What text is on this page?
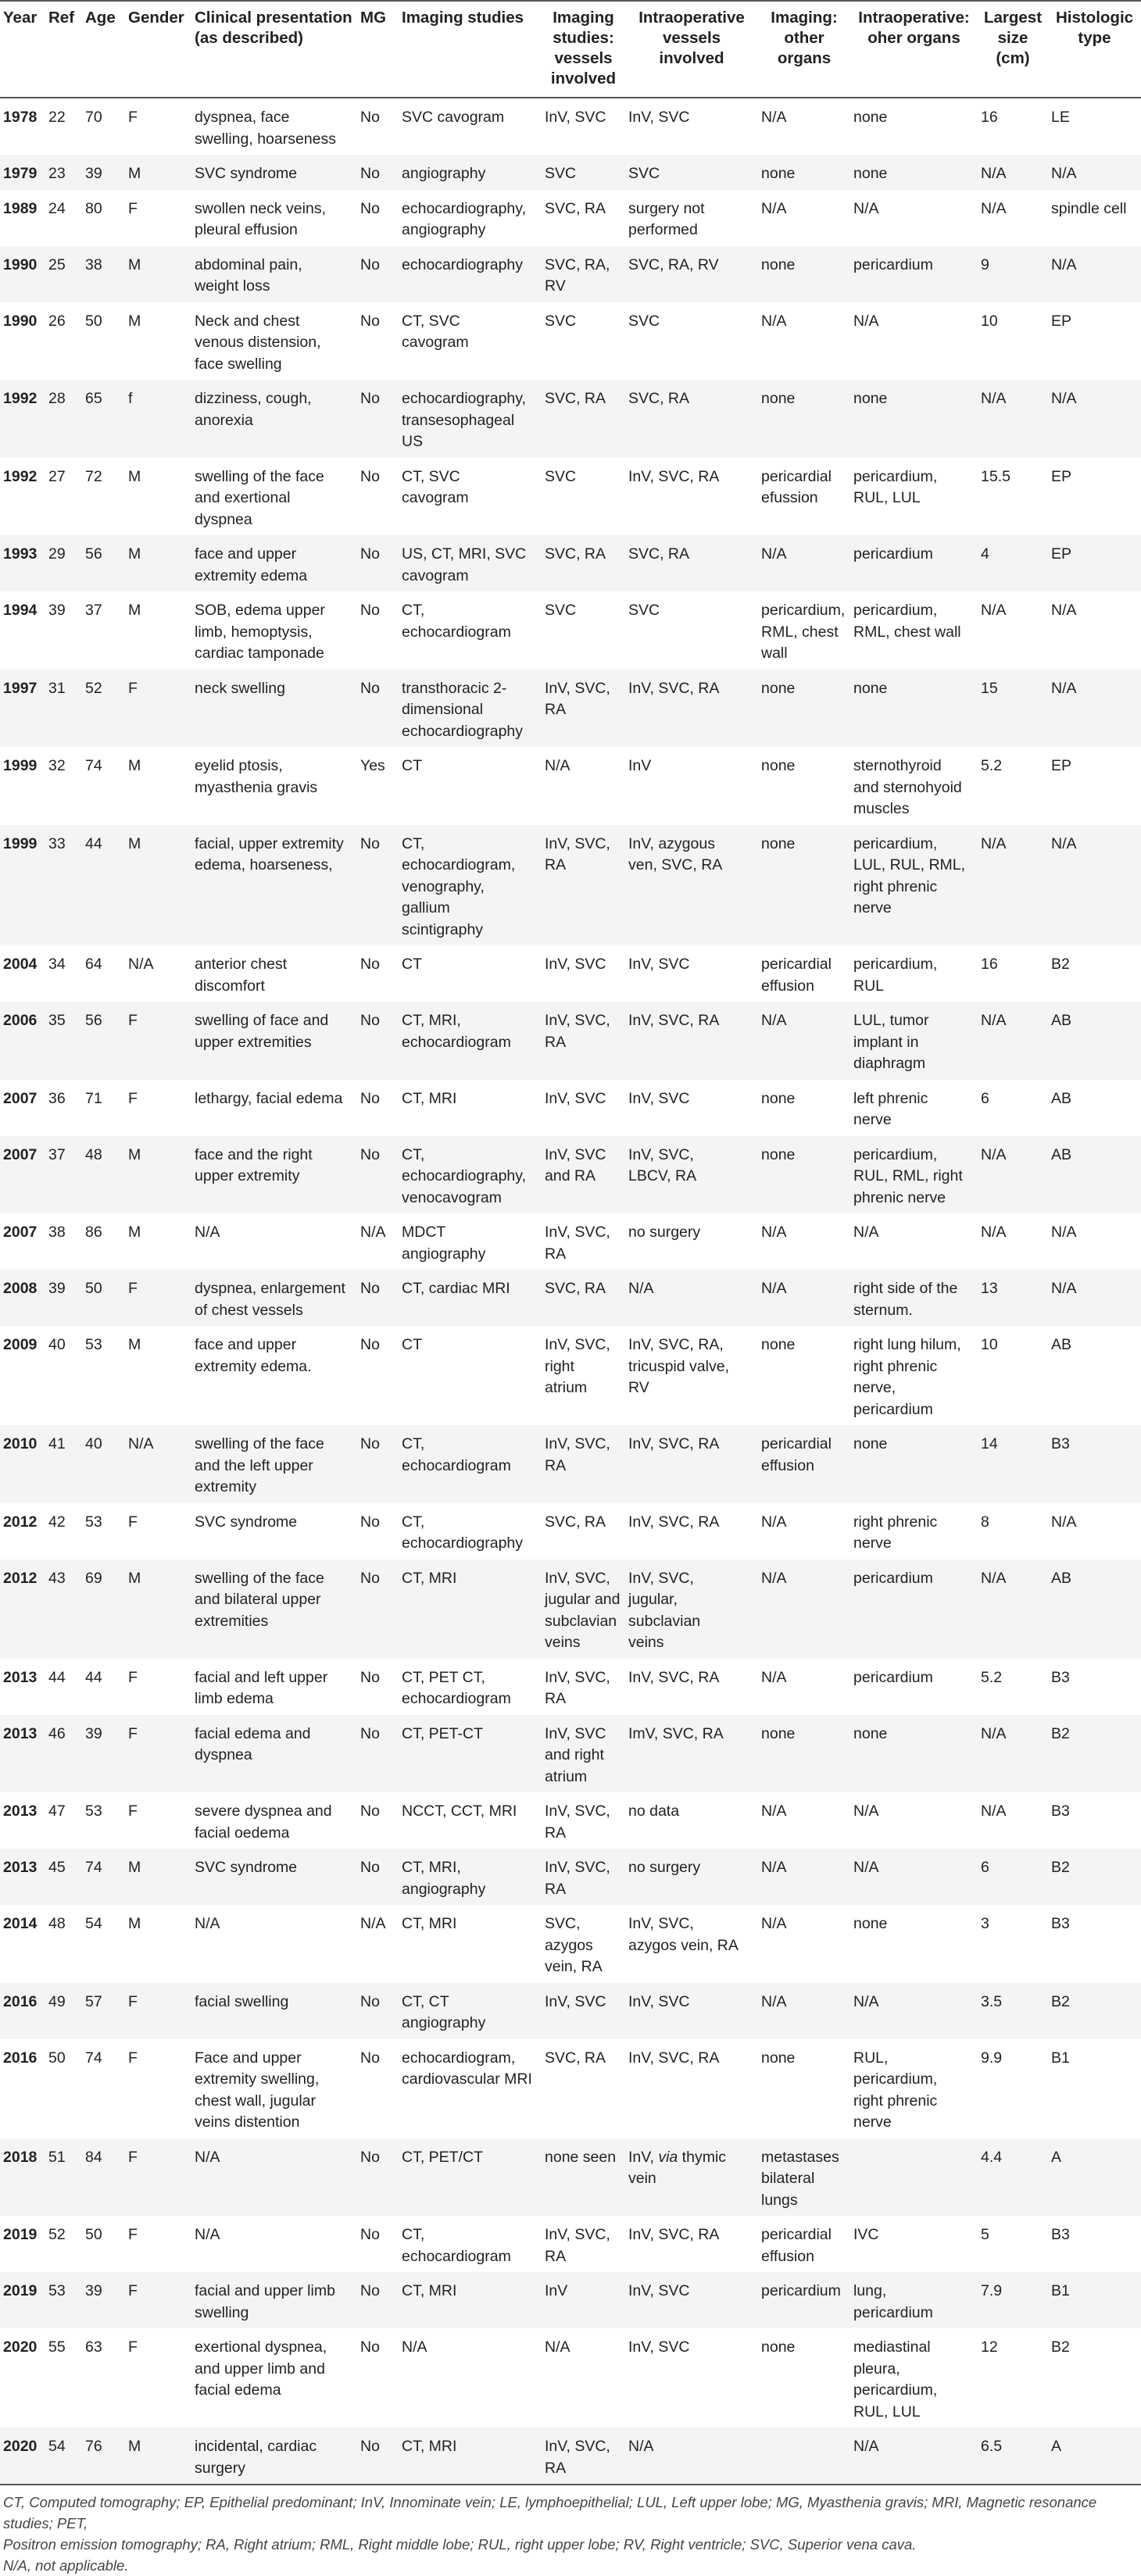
Year	Ref	Age	Gender	Clinical presentation
(as described)	MG	Imaging studies	Imaging
studies:
vessels
involved	Intraoperative
vessels
involved	Imaging:
other
organs	Intraoperative:
oher organs	Largest
size
(cm)	Histologic
type
1978	22	70	F	dyspnea, face
swelling, hoarseness	No	SVC cavogram	InV, SVC	InV, SVC	N/A	none	16	LE
1979	23	39	M	SVC syndrome	No	angiography	SVC	SVC	none	none	N/A	N/A
1989	24	80	F	swollen neck veins,
pleural effusion	No	echocardiography,
angiography	SVC, RA	surgery not
performed	N/A	N/A	N/A	spindle cell
1990	25	38	M	abdominal pain,
weight loss	No	echocardiography	SVC, RA,
RV	SVC, RA, RV	none	pericardium	9	N/A
1990	26	50	M	Neck and chest
venous distension,
face swelling	No	CT, SVC
cavogram	SVC	SVC	N/A	N/A	10	EP
1992	28	65	f	dizziness, cough,
anorexia	No	echocardiography,
transesophageal
US	SVC, RA	SVC, RA	none	none	N/A	N/A
1992	27	72	M	swelling of the face
and exertional
dyspnea	No	CT, SVC
cavogram	SVC	InV, SVC, RA	pericardial
efussion	pericardium,
RUL, LUL	15.5	EP
1993	29	56	M	face and upper
extremity edema	No	US, CT, MRI, SVC
cavogram	SVC, RA	SVC, RA	N/A	pericardium	4	EP
1994	39	37	M	SOB, edema upper
limb, hemoptysis,
cardiac tamponade	No	CT,
echocardiogram	SVC	SVC	pericardium,
RML, chest
wall	pericardium,
RML, chest wall	N/A	N/A
1997	31	52	F	neck swelling	No	transthoracic 2-
dimensional
echocardiography	InV, SVC,
RA	InV, SVC, RA	none	none	15	N/A
1999	32	74	M	eyelid ptosis,
myasthenia gravis	Yes	CT	N/A	InV	none	sternothyroid
and sternohyoid
muscles	5.2	EP
1999	33	44	M	facial, upper extremity
edema, hoarseness,	No	CT,
echocardiogram,
venography,
gallium
scintigraphy	InV, SVC,
RA	InV, azygous
ven, SVC, RA	none	pericardium,
LUL, RUL, RML,
right phrenic
nerve	N/A	N/A
2004	34	64	N/A	anterior chest
discomfort	No	CT	InV, SVC	InV, SVC	pericardial
effusion	pericardium,
RUL	16	B2
2006	35	56	F	swelling of face and
upper extremities	No	CT, MRI,
echocardiogram	InV, SVC,
RA	InV, SVC, RA	N/A	LUL, tumor
implant in
diaphragm	N/A	AB
2007	36	71	F	lethargy, facial edema	No	CT, MRI	InV, SVC	InV, SVC	none	left phrenic
nerve	6	AB
2007	37	48	M	face and the right
upper extremity	No	CT,
echocardiography,
venocavogram	InV, SVC
and RA	InV, SVC,
LBCV, RA	none	pericardium,
RUL, RML, right
phrenic nerve	N/A	AB
2007	38	86	M	N/A	N/A	MDCT
angiography	InV, SVC,
RA	no surgery	N/A	N/A	N/A	N/A
2008	39	50	F	dyspnea, enlargement
of chest vessels	No	CT, cardiac MRI	SVC, RA	N/A	N/A	right side of the
sternum.	13	N/A
2009	40	53	M	face and upper
extremity edema.	No	CT	InV, SVC,
right
atrium	InV, SVC, RA,
tricuspid valve,
RV	none	right lung hilum,
right phrenic
nerve,
pericardium	10	AB
2010	41	40	N/A	swelling of the face
and the left upper
extremity	No	CT,
echocardiogram	InV, SVC,
RA	InV, SVC, RA	pericardial
effusion	none	14	B3
2012	42	53	F	SVC syndrome	No	CT,
echocardiography	SVC, RA	InV, SVC, RA	N/A	right phrenic
nerve	8	N/A
2012	43	69	M	swelling of the face
and bilateral upper
extremities	No	CT, MRI	InV, SVC,
jugular and
subclavian
veins	InV, SVC,
jugular,
subclavian
veins	N/A	pericardium	N/A	AB
2013	44	44	F	facial and left upper
limb edema	No	CT, PET CT,
echocardiogram	InV, SVC,
RA	InV, SVC, RA	N/A	pericardium	5.2	B3
2013	46	39	F	facial edema and
dyspnea	No	CT, PET-CT	InV, SVC
and right
atrium	ImV, SVC, RA	none	none	N/A	B2
2013	47	53	F	severe dyspnea and
facial oedema	No	NCCT, CCT, MRI	InV, SVC,
RA	no data	N/A	N/A	N/A	B3
2013	45	74	M	SVC syndrome	No	CT, MRI,
angiography	InV, SVC,
RA	no surgery	N/A	N/A	6	B2
2014	48	54	M	N/A	N/A	CT, MRI	SVC,
azygos
vein, RA	InV, SVC,
azygos vein, RA	N/A	none	3	B3
2016	49	57	F	facial swelling	No	CT, CT
angiography	InV, SVC	InV, SVC	N/A	N/A	3.5	B2
2016	50	74	F	Face and upper
extremity swelling,
chest wall, jugular
veins distention	No	echocardiogram,
cardiovascular MRI	SVC, RA	InV, SVC, RA	none	RUL,
pericardium,
right phrenic
nerve	9.9	B1
2018	51	84	F	N/A	No	CT, PET/CT	none seen	InV, via thymic
vein	metastases
bilateral
lungs		4.4	A
2019	52	50	F	N/A	No	CT,
echocardiogram	InV, SVC,
RA	InV, SVC, RA	pericardial
effusion	IVC	5	B3
2019	53	39	F	facial and upper limb
swelling	No	CT, MRI	InV	InV, SVC	pericardium	lung,
pericardium	7.9	B1
2020	55	63	F	exertional dyspnea,
and upper limb and
facial edema	No	N/A	N/A	InV, SVC	none	mediastinal
pleura,
pericardium,
RUL, LUL	12	B2
2020	54	76	M	incidental, cardiac
surgery	No	CT, MRI	InV, SVC,
RA	N/A		N/A	6.5	A
CT, Computed tomography; EP, Epithelial predominant; InV, Innominate vein; LE, lymphoepithelial; LUL, Left upper lobe; MG, Myasthenia gravis; MRI, Magnetic resonance studies; PET,
Positron emission tomography; RA, Right atrium; RML, Right middle lobe; RUL, right upper lobe; RV, Right ventricle; SVC, Superior vena cava.
N/A, not applicable.
